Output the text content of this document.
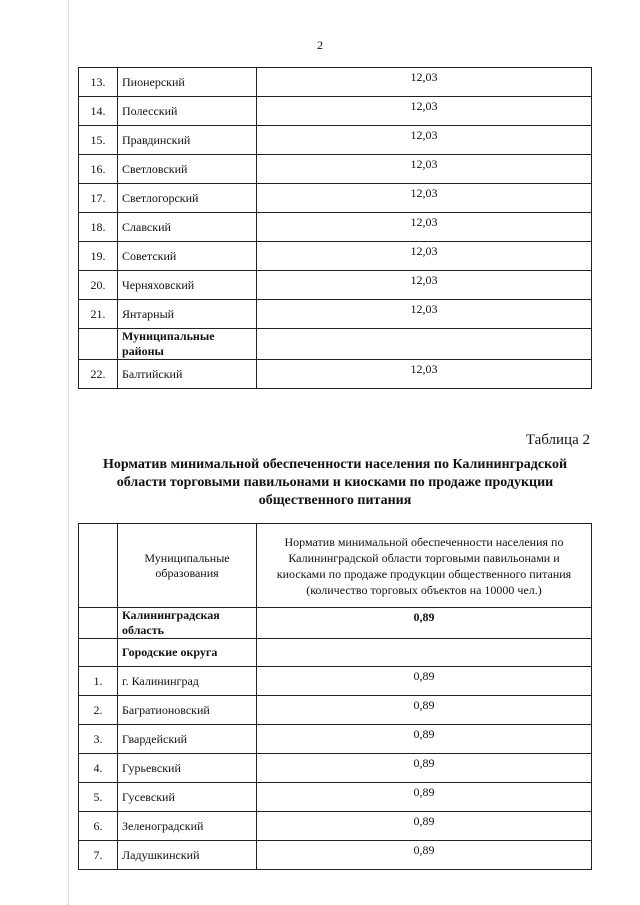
2
13.	Пионерский	12,03
14.	Полесский	12,03
15.	Правдинский	12,03
16.	Светловский	12,03
17.	Светлогорский	12,03
18.	Славский	12,03
19.	Советский	12,03
20.	Черняховский	12,03
21.	Янтарный	12,03
	Муниципальные районы	
22.	Балтийский	12,03
Таблица 2
Норматив минимальной обеспеченности населения по Калининградской области торговыми павильонами и киосками по продаже продукции общественного питания
	Муниципальные образования	Норматив минимальной обеспеченности населения по Калининградской области торговыми павильонами и киосками по продаже продукции общественного питания (количество торговых объектов на 10000 чел.)
	Калининградская область	0,89
	Городские округа	
1.	г. Калининград	0,89
2.	Багратионовский	0,89
3.	Гвардейский	0,89
4.	Гурьевский	0,89
5.	Гусевский	0,89
6.	Зеленоградский	0,89
7.	Ладушкинский	0,89
